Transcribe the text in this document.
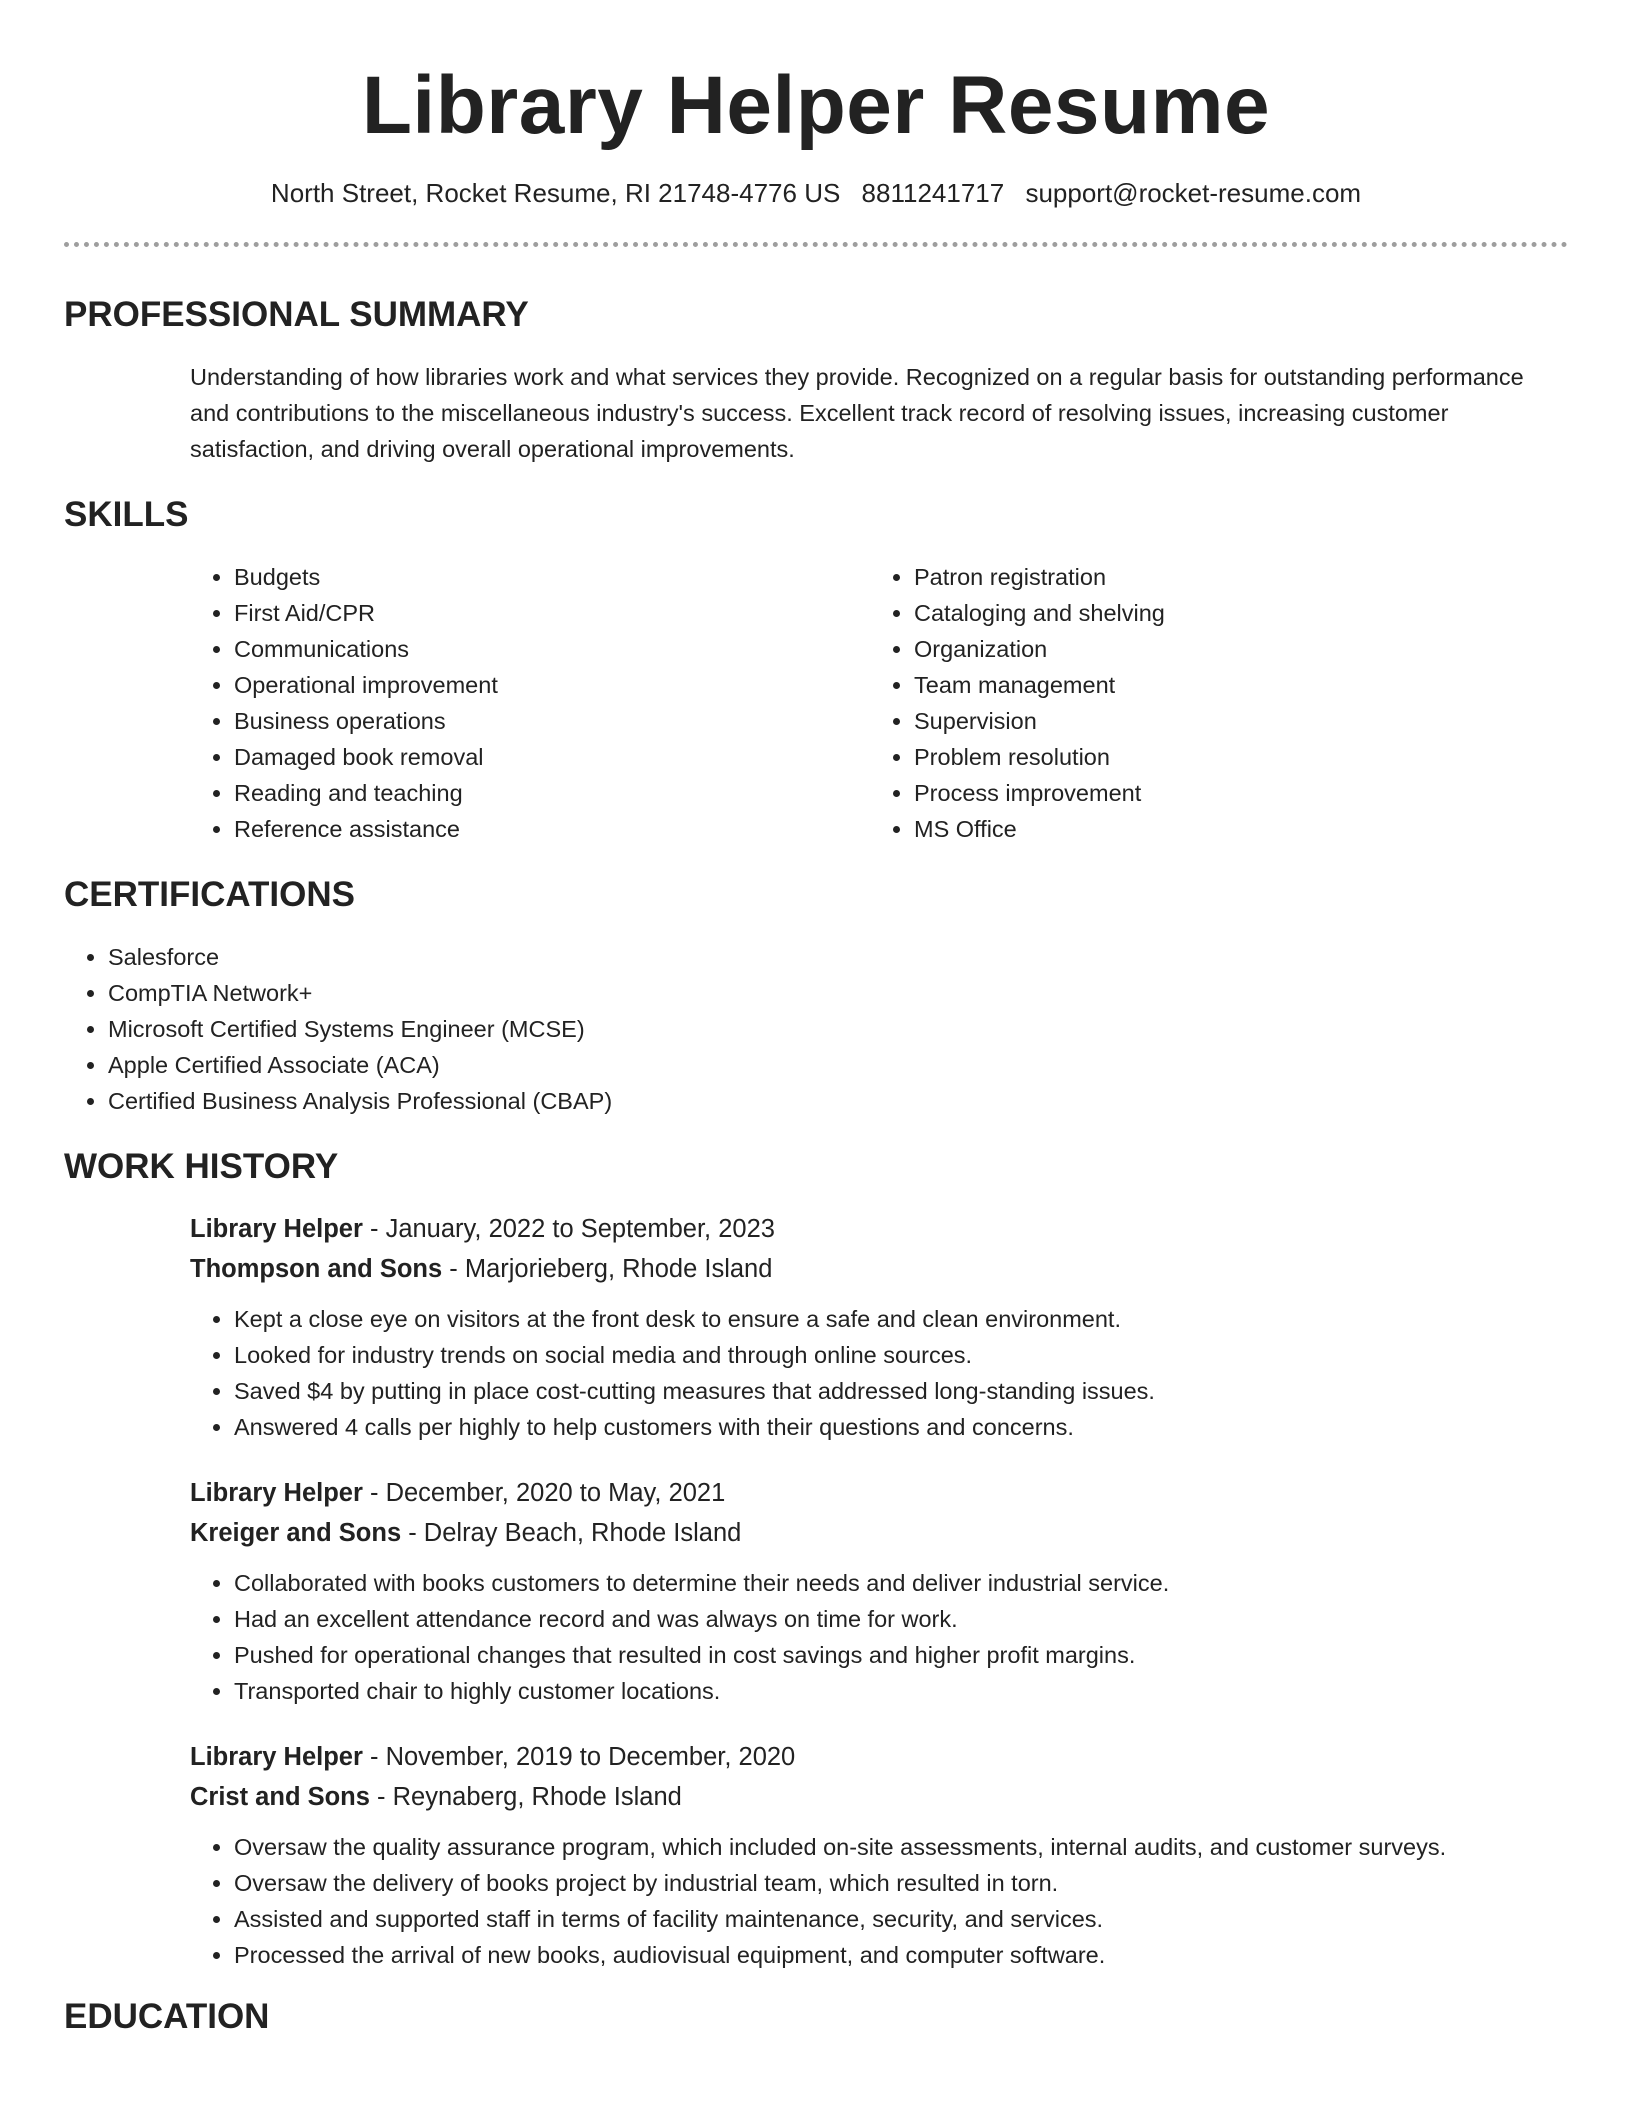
Library Helper Resume
North Street, Rocket Resume, RI 21748-4776 US 8811241717 support@rocket-resume.com
PROFESSIONAL SUMMARY

Understanding of how libraries work and what services they provide. Recognized on a regular basis for outstanding performance and contributions to the miscellaneous industry's success. Excellent track record of resolving issues, increasing customer satisfaction, and driving overall operational improvements.

SKILLS
• Budgets
• First Aid/CPR
• Communications
• Operational improvement
• Business operations
• Damaged book removal
• Reading and teaching
• Reference assistance
• Patron registration
• Cataloging and shelving
• Organization
• Team management
• Supervision
• Problem resolution
• Process improvement
• MS Office
CERTIFICATIONS
• Salesforce
• CompTIA Network+
• Microsoft Certified Systems Engineer (MCSE)
• Apple Certified Associate (ACA)
• Certified Business Analysis Professional (CBAP)
WORK HISTORY
Library Helper - January, 2022 to September, 2023
Thompson and Sons - Marjorieberg, Rhode Island
• Kept a close eye on visitors at the front desk to ensure a safe and clean environment.
• Looked for industry trends on social media and through online sources.
• Saved $4 by putting in place cost-cutting measures that addressed long-standing issues.
• Answered 4 calls per highly to help customers with their questions and concerns.
Library Helper - December, 2020 to May, 2021
Kreiger and Sons - Delray Beach, Rhode Island
• Collaborated with books customers to determine their needs and deliver industrial service.
• Had an excellent attendance record and was always on time for work.
• Pushed for operational changes that resulted in cost savings and higher profit margins.
• Transported chair to highly customer locations.
Library Helper - November, 2019 to December, 2020
Crist and Sons - Reynaberg, Rhode Island
• Oversaw the quality assurance program, which included on-site assessments, internal audits, and customer surveys.
• Oversaw the delivery of books project by industrial team, which resulted in torn.
• Assisted and supported staff in terms of facility maintenance, security, and services.
• Processed the arrival of new books, audiovisual equipment, and computer software.
EDUCATION
